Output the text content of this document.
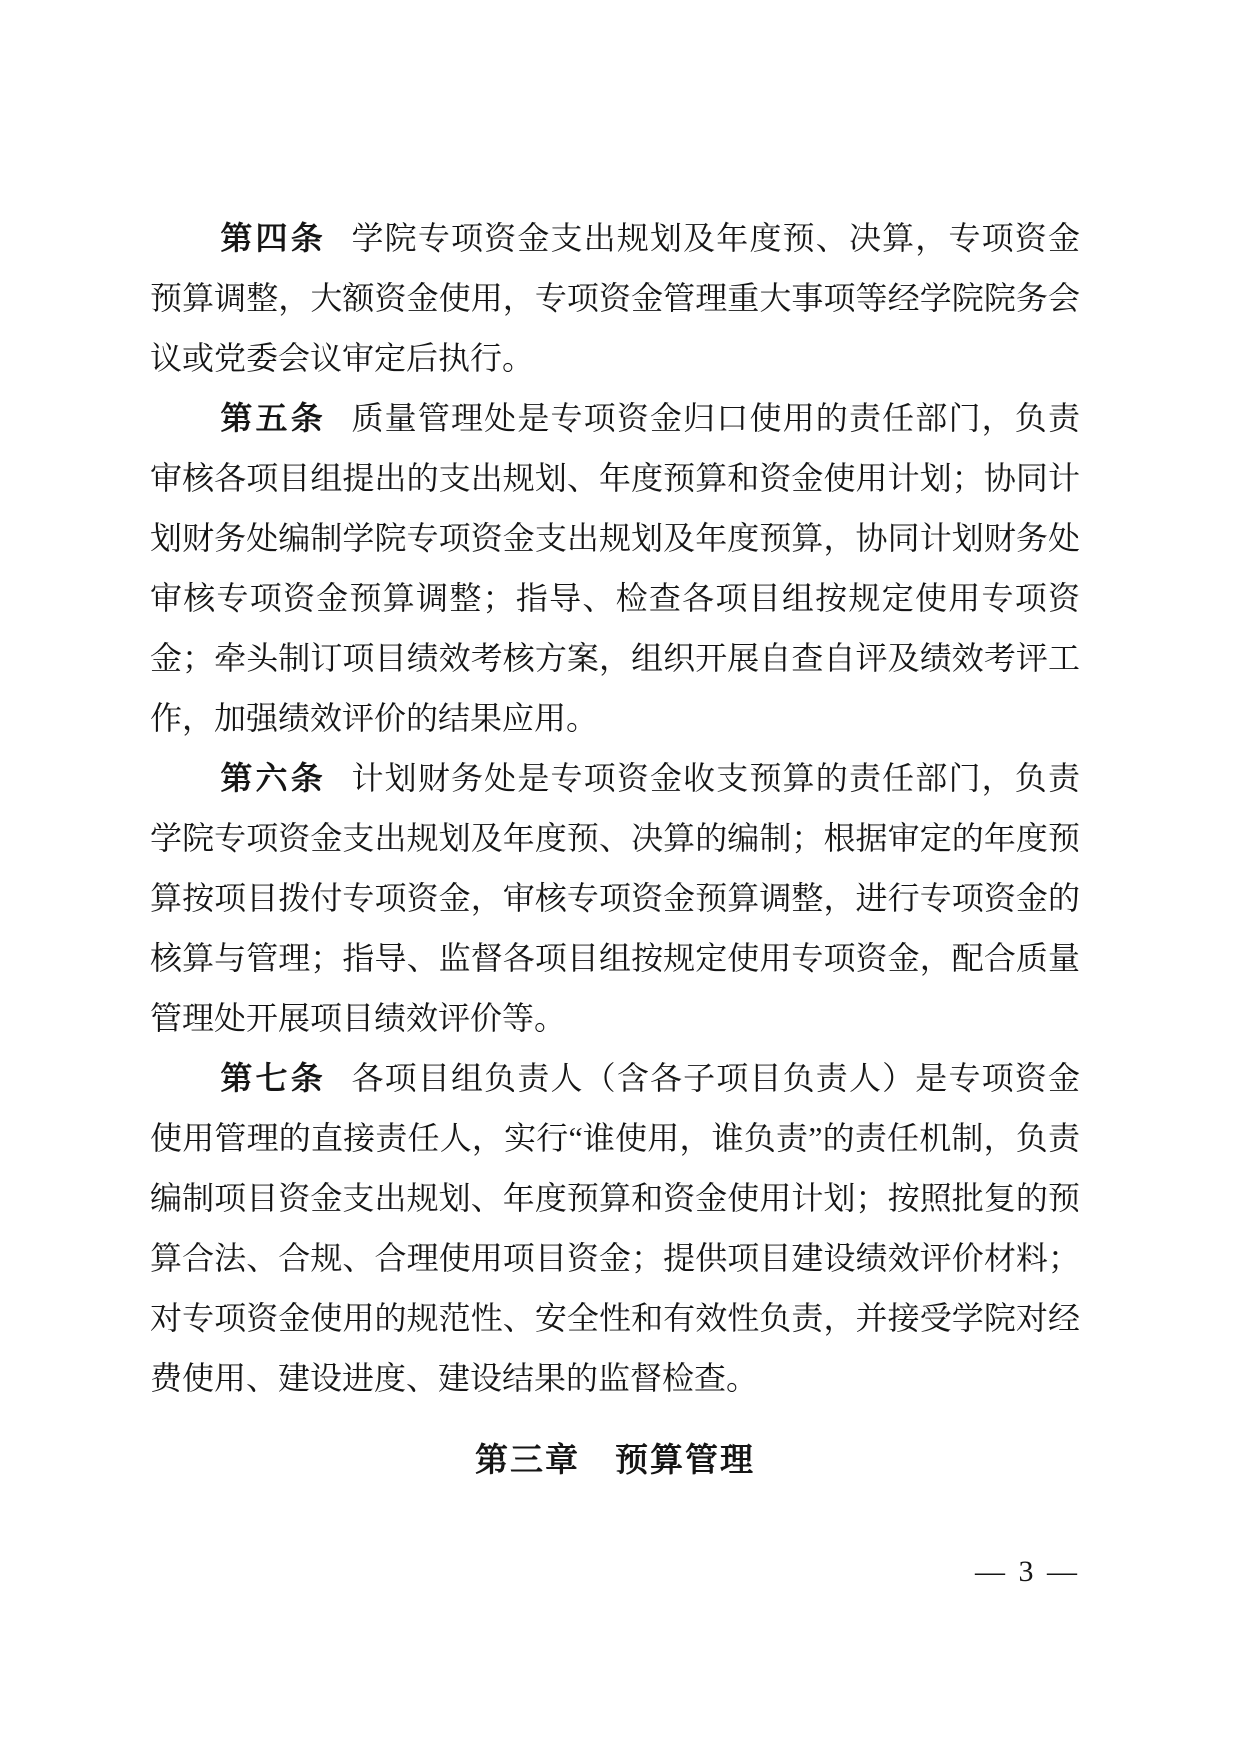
第四条 学院专项资金支出规划及年度预、决算，专项资金预算调整，大额资金使用，专项资金管理重大事项等经学院院务会议或党委会议审定后执行。

第五条 质量管理处是专项资金归口使用的责任部门，负责审核各项目组提出的支出规划、年度预算和资金使用计划；协同计划财务处编制学院专项资金支出规划及年度预算，协同计划财务处审核专项资金预算调整；指导、检查各项目组按规定使用专项资金；牵头制订项目绩效考核方案，组织开展自查自评及绩效考评工作，加强绩效评价的结果应用。

第六条 计划财务处是专项资金收支预算的责任部门，负责学院专项资金支出规划及年度预、决算的编制；根据审定的年度预算按项目拨付专项资金，审核专项资金预算调整，进行专项资金的核算与管理；指导、监督各项目组按规定使用专项资金，配合质量管理处开展项目绩效评价等。

第七条 各项目组负责人（含各子项目负责人）是专项资金使用管理的直接责任人，实行“谁使用，谁负责”的责任机制，负责编制项目资金支出规划、年度预算和资金使用计划；按照批复的预算合法、合规、合理使用项目资金；提供项目建设绩效评价材料；对专项资金使用的规范性、安全性和有效性负责，并接受学院对经费使用、建设进度、建设结果的监督检查。

第三章　预算管理
— 3 —
